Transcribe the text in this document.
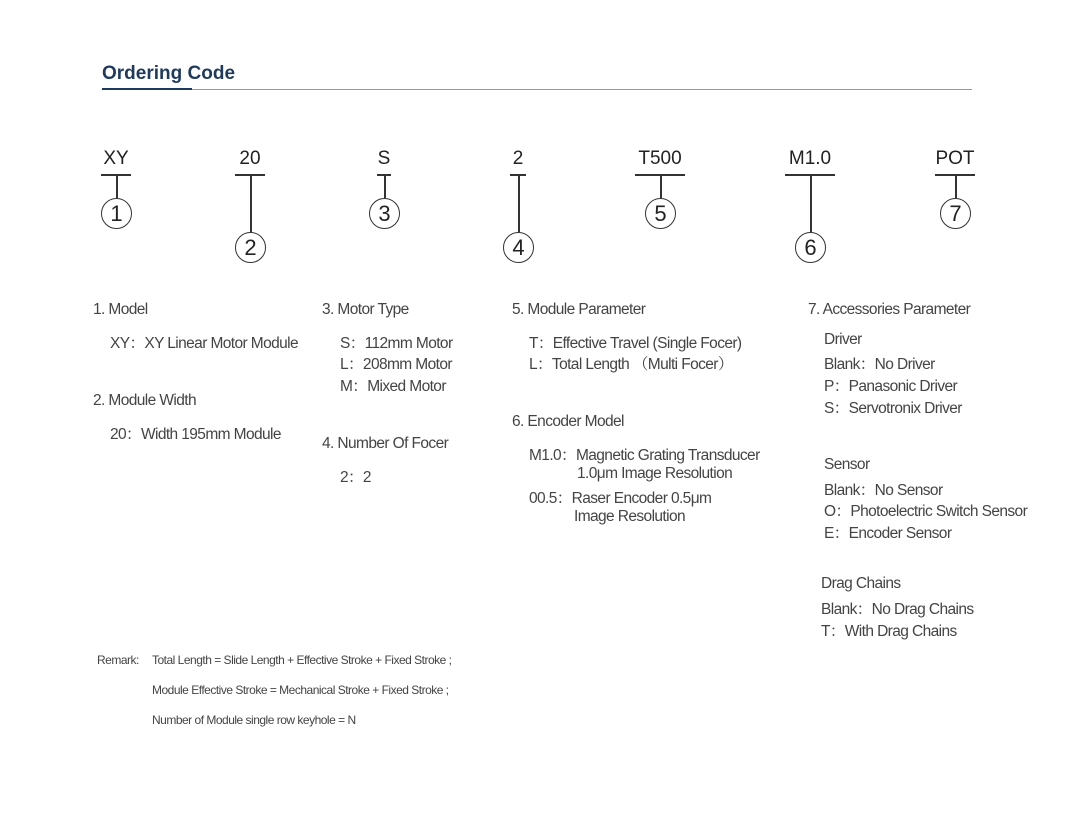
Ordering Code
XY
1
20
2
S
3
2
4
T500
5
M1.0
6
POT
7
1. Model
XY：XY Linear Motor Module
2. Module Width
20：Width 195mm Module
3. Motor Type
S：112mm Motor
L：208mm Motor
M：Mixed Motor
4. Number Of Focer
2：2
5. Module Parameter
T：Effective Travel (Single Focer)
L：Total Length （Multi Focer）
6. Encoder Model
M1.0：Magnetic Grating Transducer
1.0μm Image Resolution
00.5：Raser Encoder 0.5μm
Image Resolution
7. Accessories Parameter
Driver
Blank：No Driver
P：Panasonic Driver
S：Servotronix Driver
Sensor
Blank：No Sensor
O：Photoelectric Switch Sensor
E：Encoder Sensor
Drag Chains
Blank：No Drag Chains
T：With Drag Chains
Remark: Total Length = Slide Length + Effective Stroke + Fixed Stroke ;
Module Effective Stroke = Mechanical Stroke + Fixed Stroke ;
Number of Module single row keyhole = N
